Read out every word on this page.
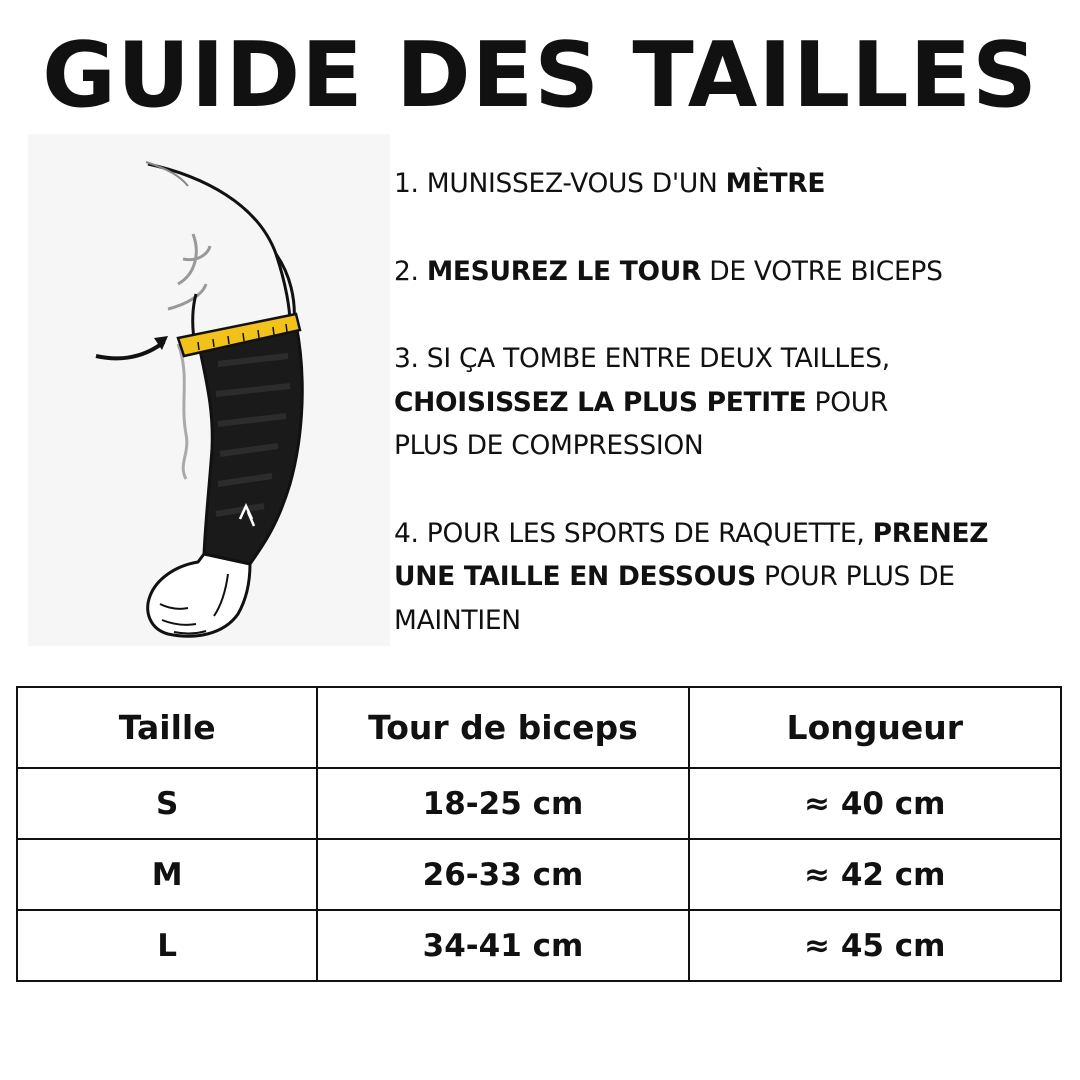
GUIDE DES TAILLES

1. MUNISSEZ-VOUS D'UN MÈTRE

2. MESUREZ LE TOUR DE VOTRE BICEPS

3. SI ÇA TOMBE ENTRE DEUX TAILLES,
CHOISISSEZ LA PLUS PETITE POUR
PLUS DE COMPRESSION

4. POUR LES SPORTS DE RAQUETTE, PRENEZ
UNE TAILLE EN DESSOUS POUR PLUS DE
MAINTIEN

Taille	Tour de biceps	Longueur
S	18-25 cm	≈ 40 cm
M	26-33 cm	≈ 42 cm
L	34-41 cm	≈ 45 cm
